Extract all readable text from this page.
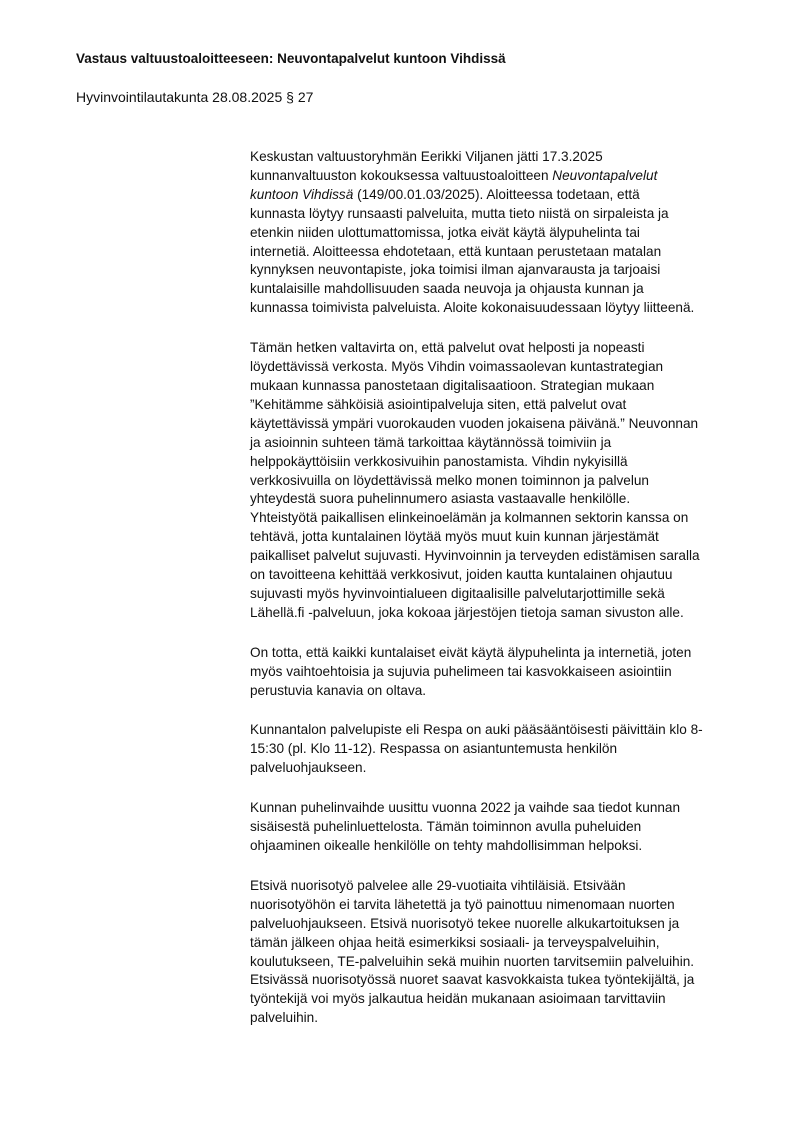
Vastaus valtuustoaloitteeseen: Neuvontapalvelut kuntoon Vihdissä

Hyvinvointilautakunta 28.08.2025 § 27

Keskustan valtuustoryhmän Eerikki Viljanen jätti 17.3.2025
kunnanvaltuuston kokouksessa valtuustoaloitteen Neuvontapalvelut
kuntoon Vihdissä (149/00.01.03/2025). Aloitteessa todetaan, että
kunnasta löytyy runsaasti palveluita, mutta tieto niistä on sirpaleista ja
etenkin niiden ulottumattomissa, jotka eivät käytä älypuhelinta tai
internetiä. Aloitteessa ehdotetaan, että kuntaan perustetaan matalan
kynnyksen neuvontapiste, joka toimisi ilman ajanvarausta ja tarjoaisi
kuntalaisille mahdollisuuden saada neuvoja ja ohjausta kunnan ja
kunnassa toimivista palveluista. Aloite kokonaisuudessaan löytyy liitteenä.
Tämän hetken valtavirta on, että palvelut ovat helposti ja nopeasti
löydettävissä verkosta. Myös Vihdin voimassaolevan kuntastrategian
mukaan kunnassa panostetaan digitalisaatioon. Strategian mukaan
”Kehitämme sähköisiä asiointipalveluja siten, että palvelut ovat
käytettävissä ympäri vuorokauden vuoden jokaisena päivänä.” Neuvonnan
ja asioinnin suhteen tämä tarkoittaa käytännössä toimiviin ja
helppokäyttöisiin verkkosivuihin panostamista. Vihdin nykyisillä
verkkosivuilla on löydettävissä melko monen toiminnon ja palvelun
yhteydestä suora puhelinnumero asiasta vastaavalle henkilölle.
Yhteistyötä paikallisen elinkeinoelämän ja kolmannen sektorin kanssa on
tehtävä, jotta kuntalainen löytää myös muut kuin kunnan järjestämät
paikalliset palvelut sujuvasti. Hyvinvoinnin ja terveyden edistämisen saralla
on tavoitteena kehittää verkkosivut, joiden kautta kuntalainen ohjautuu
sujuvasti myös hyvinvointialueen digitaalisille palvelutarjottimille sekä
Lähellä.fi -palveluun, joka kokoaa järjestöjen tietoja saman sivuston alle.
On totta, että kaikki kuntalaiset eivät käytä älypuhelinta ja internetiä, joten
myös vaihtoehtoisia ja sujuvia puhelimeen tai kasvokkaiseen asiointiin
perustuvia kanavia on oltava.
Kunnantalon palvelupiste eli Respa on auki pääsääntöisesti päivittäin klo 8-
15:30 (pl. Klo 11-12). Respassa on asiantuntemusta henkilön
palveluohjaukseen.
Kunnan puhelinvaihde uusittu vuonna 2022 ja vaihde saa tiedot kunnan
sisäisestä puhelinluettelosta. Tämän toiminnon avulla puheluiden
ohjaaminen oikealle henkilölle on tehty mahdollisimman helpoksi.
Etsivä nuorisotyö palvelee alle 29-vuotiaita vihtiläisiä. Etsivään
nuorisotyöhön ei tarvita lähetettä ja työ painottuu nimenomaan nuorten
palveluohjaukseen. Etsivä nuorisotyö tekee nuorelle alkukartoituksen ja
tämän jälkeen ohjaa heitä esimerkiksi sosiaali- ja terveyspalveluihin,
koulutukseen, TE-palveluihin sekä muihin nuorten tarvitsemiin palveluihin.
Etsivässä nuorisotyössä nuoret saavat kasvokkaista tukea työntekijältä, ja
työntekijä voi myös jalkautua heidän mukanaan asioimaan tarvittaviin
palveluihin.
